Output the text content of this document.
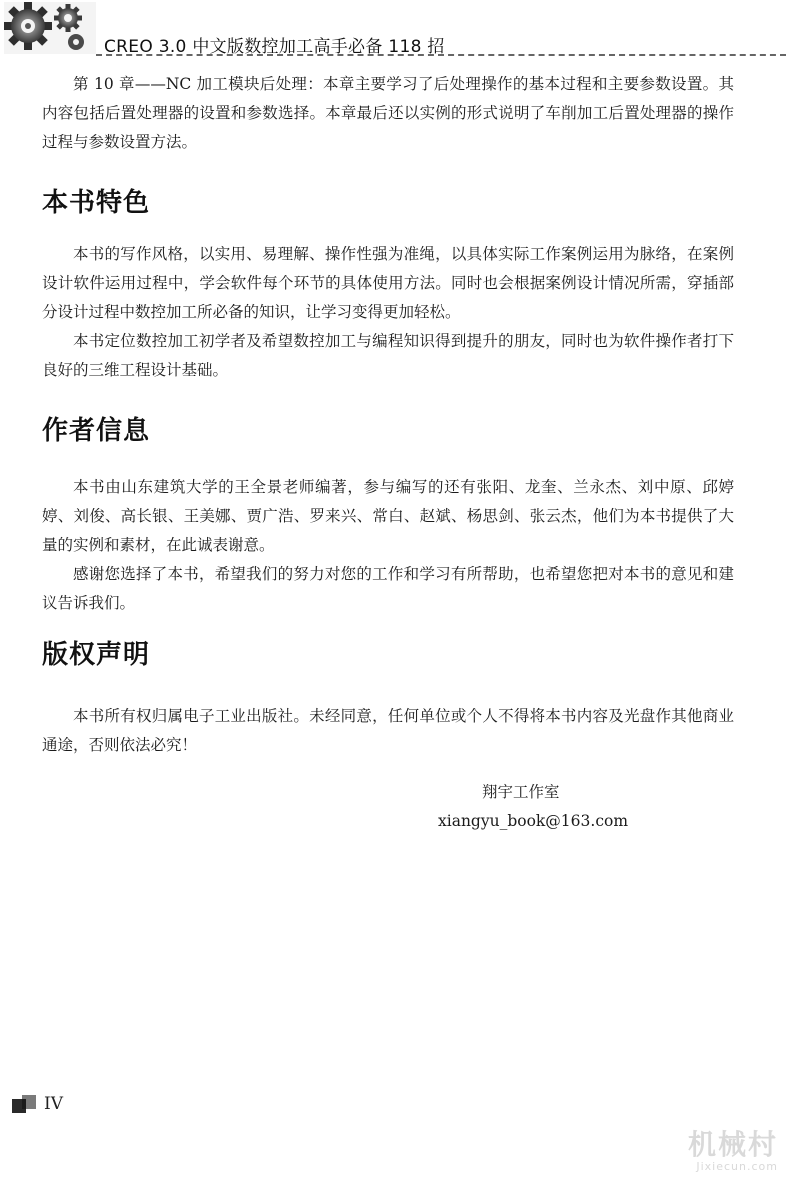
CREO 3.0 中文版数控加工高手必备 118 招

第 10 章——NC 加工模块后处理：本章主要学习了后处理操作的基本过程和主要参数设置。其内容包括后置处理器的设置和参数选择。本章最后还以实例的形式说明了车削加工后置处理器的操作过程与参数设置方法。

本书特色

本书的写作风格，以实用、易理解、操作性强为准绳，以具体实际工作案例运用为脉络，在案例设计软件运用过程中，学会软件每个环节的具体使用方法。同时也会根据案例设计情况所需，穿插部分设计过程中数控加工所必备的知识，让学习变得更加轻松。

本书定位数控加工初学者及希望数控加工与编程知识得到提升的朋友，同时也为软件操作者打下良好的三维工程设计基础。

作者信息

本书由山东建筑大学的王全景老师编著，参与编写的还有张阳、龙奎、兰永杰、刘中原、邱婷婷、刘俊、高长银、王美娜、贾广浩、罗来兴、常白、赵斌、杨思剑、张云杰，他们为本书提供了大量的实例和素材，在此诚表谢意。

感谢您选择了本书，希望我们的努力对您的工作和学习有所帮助，也希望您把对本书的意见和建议告诉我们。

版权声明

本书所有权归属电子工业出版社。未经同意，任何单位或个人不得将本书内容及光盘作其他商业通途，否则依法必究！

翔宇工作室
xiangyu_book@163.com
IV
机械村
Jixiecun.com
